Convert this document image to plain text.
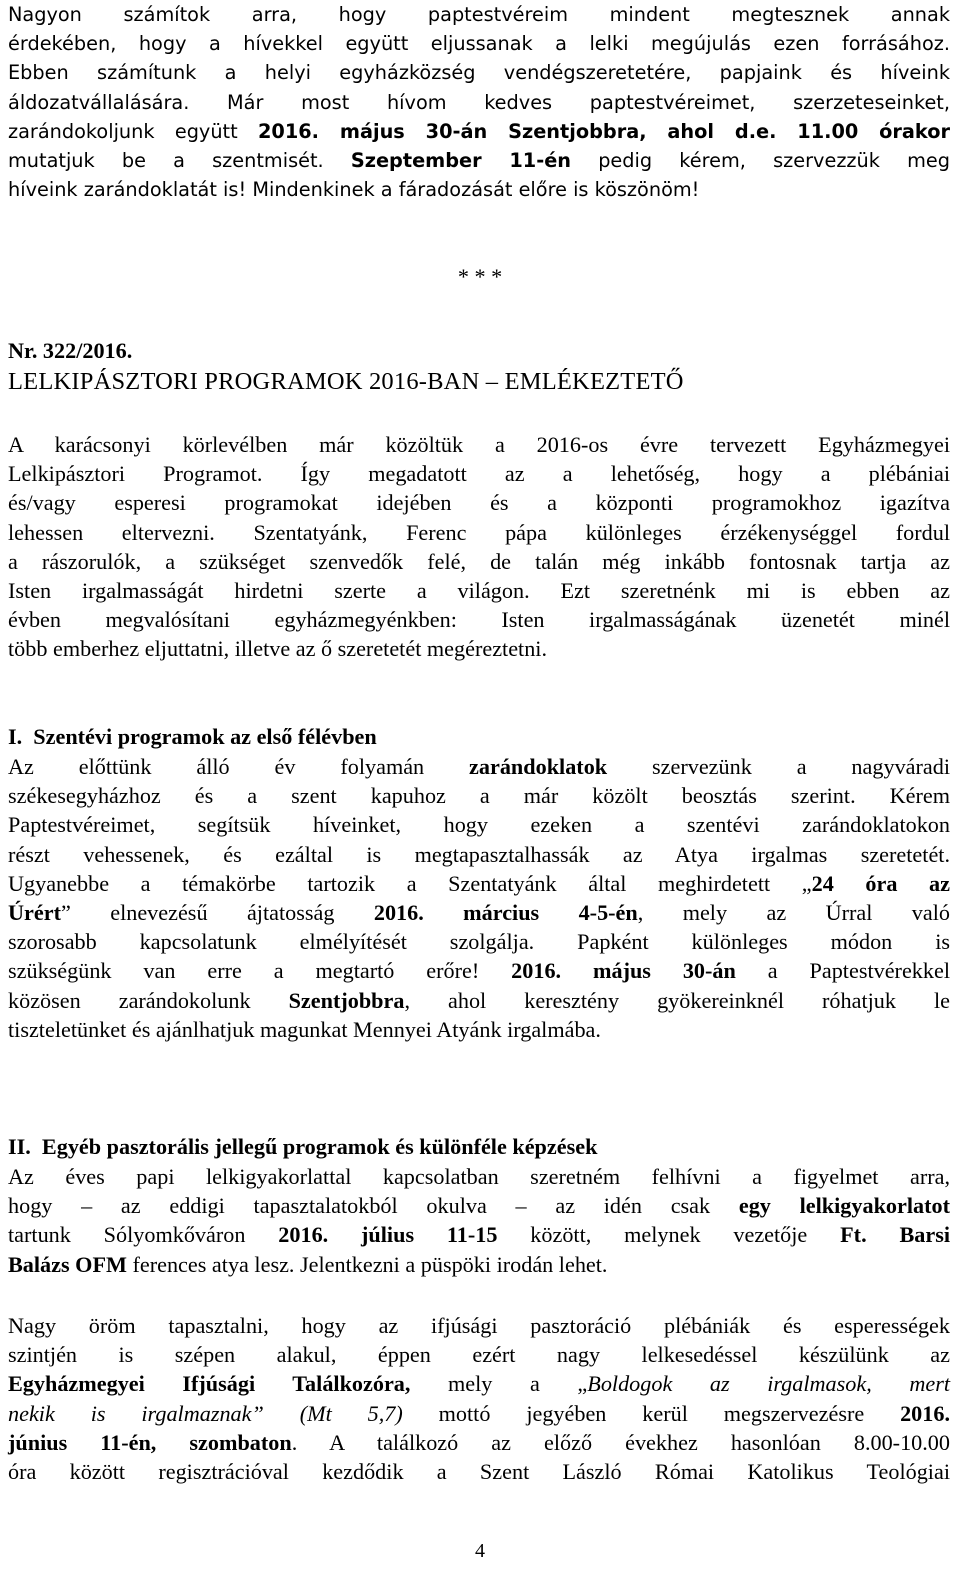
Nagyon számítok arra, hogy paptestvéreim mindent megtesznek annak
érdekében, hogy a hívekkel együtt eljussanak a lelki megújulás ezen forrásához.
Ebben számítunk a helyi egyházközség vendégszeretetére, papjaink és híveink
áldozatvállalására. Már most hívom kedves paptestvéreimet, szerzeteseinket,
zarándokoljunk együtt 2016. május 30-án Szentjobbra, ahol d.e. 11.00 órakor
mutatjuk be a szentmisét. Szeptember 11-én pedig kérem, szervezzük meg
híveink zarándoklatát is! Mindenkinek a fáradozását előre is köszönöm!
* * *
Nr. 322/2016.
LELKIPÁSZTORI PROGRAMOK 2016-BAN – EMLÉKEZTETŐ
A karácsonyi körlevélben már közöltük a 2016-os évre tervezett Egyházmegyei
Lelkipásztori Programot. Így megadatott az a lehetőség, hogy a plébániai
és/vagy esperesi programokat idejében és a központi programokhoz igazítva
lehessen eltervezni. Szentatyánk, Ferenc pápa különleges érzékenységgel fordul
a rászorulók, a szükséget szenvedők felé, de talán még inkább fontosnak tartja az
Isten irgalmasságát hirdetni szerte a világon. Ezt szeretnénk mi is ebben az
évben megvalósítani egyházmegyénkben: Isten irgalmasságának üzenetét minél
több emberhez eljuttatni, illetve az ő szeretetét megéreztetni.
I. Szentévi programok az első félévben
Az előttünk álló év folyamán zarándoklatok szervezünk a nagyváradi
székesegyházhoz és a szent kapuhoz a már közölt beosztás szerint. Kérem
Paptestvéreimet, segítsük híveinket, hogy ezeken a szentévi zarándoklatokon
részt vehessenek, és ezáltal is megtapasztalhassák az Atya irgalmas szeretetét.
Ugyanebbe a témakörbe tartozik a Szentatyánk által meghirdetett „24 óra az
Úrért” elnevezésű ájtatosság 2016. március 4-5-én, mely az Úrral való
szorosabb kapcsolatunk elmélyítését szolgálja. Papként különleges módon is
szükségünk van erre a megtartó erőre! 2016. május 30-án a Paptestvérekkel
közösen zarándokolunk Szentjobbra, ahol keresztény gyökereinknél róhatjuk le
tiszteletünket és ajánlhatjuk magunkat Mennyei Atyánk irgalmába.
II. Egyéb pasztorális jellegű programok és különféle képzések
Az éves papi lelkigyakorlattal kapcsolatban szeretném felhívni a figyelmet arra,
hogy – az eddigi tapasztalatokból okulva – az idén csak egy lelkigyakorlatot
tartunk Sólyomkőváron 2016. július 11-15 között, melynek vezetője Ft. Barsi
Balázs OFM ferences atya lesz. Jelentkezni a püspöki irodán lehet.
Nagy öröm tapasztalni, hogy az ifjúsági pasztoráció plébániák és esperességek
szintjén is szépen alakul, éppen ezért nagy lelkesedéssel készülünk az
Egyházmegyei Ifjúsági Találkozóra, mely a „Boldogok az irgalmasok, mert
nekik is irgalmaznak” (Mt 5,7) mottó jegyében kerül megszervezésre 2016.
június 11-én, szombaton. A találkozó az előző évekhez hasonlóan 8.00-10.00
óra között regisztrációval kezdődik a Szent László Római Katolikus Teológiai
4
